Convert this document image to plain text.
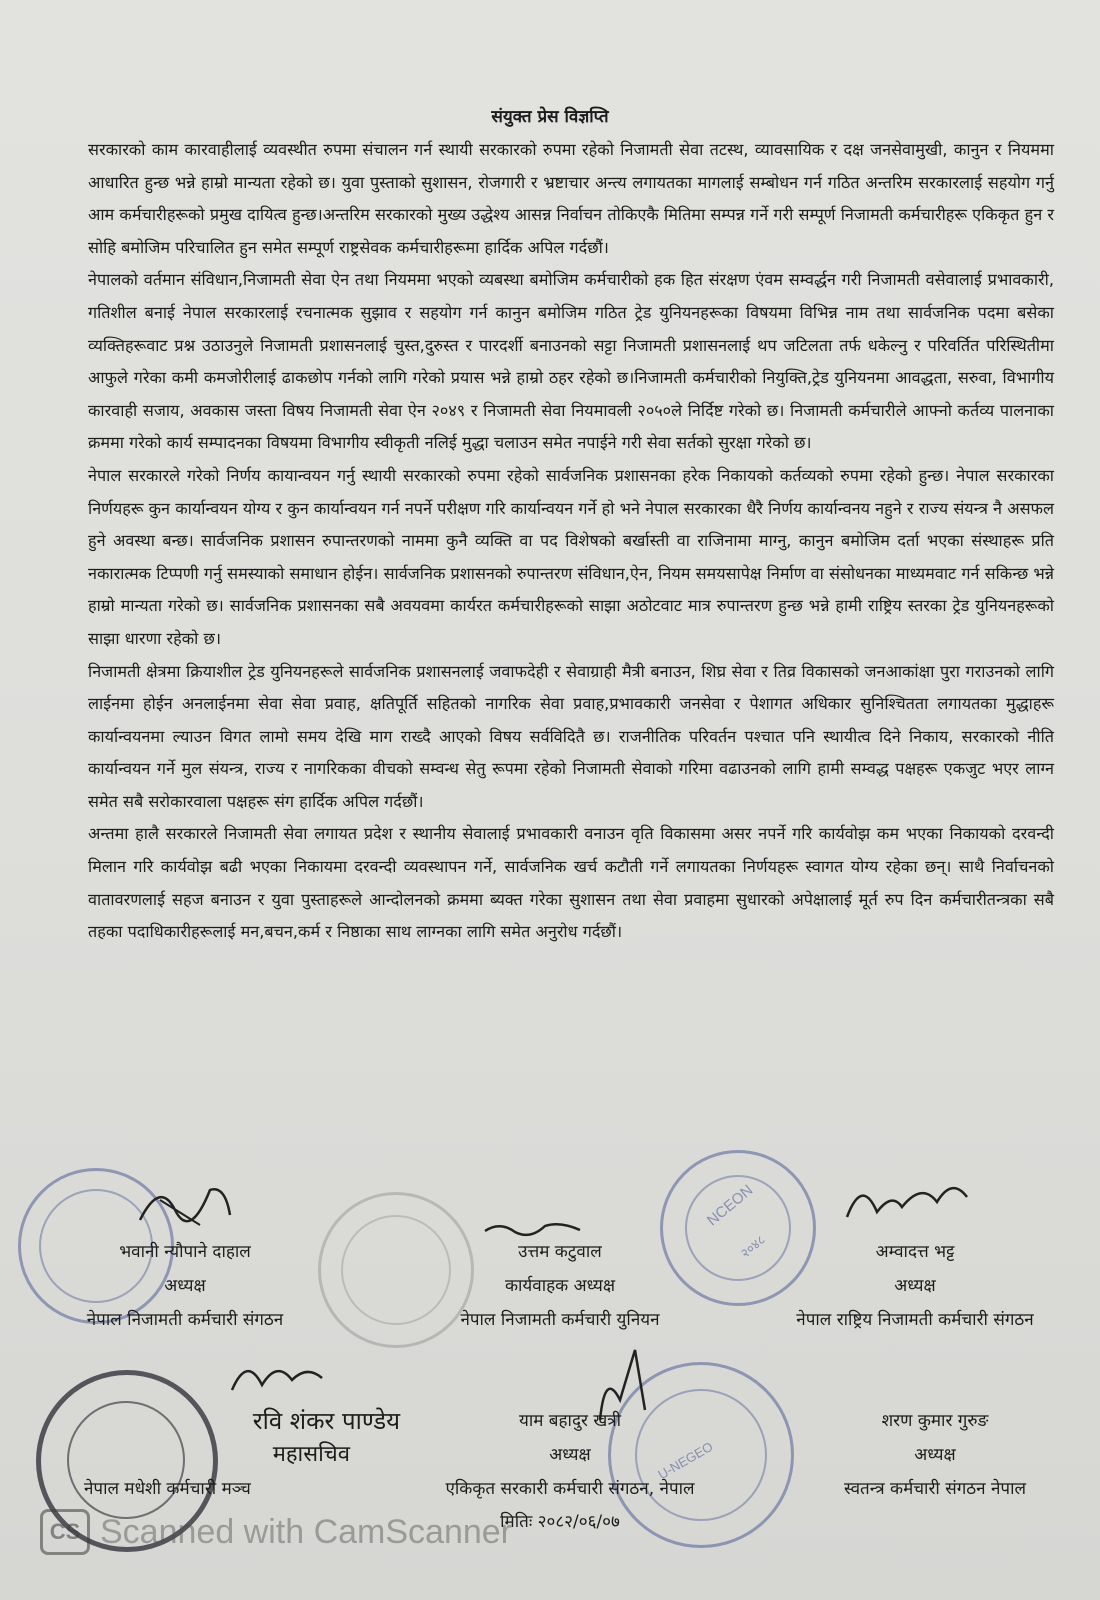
संयुक्त प्रेस विज्ञप्ति

सरकारको काम कारवाहीलाई व्यवस्थीत रुपमा संचालन गर्न स्थायी सरकारको रुपमा रहेको निजामती सेवा तटस्थ, व्यावसायिक र दक्ष जनसेवामुखी, कानुन र नियममा आधारित हुन्छ भन्ने हाम्रो मान्यता रहेको छ। युवा पुस्ताको सुशासन, रोजगारी र भ्रष्टाचार अन्त्य लगायतका मागलाई सम्बोधन गर्न गठित अन्तरिम सरकारलाई सहयोग गर्नु आम कर्मचारीहरूको प्रमुख दायित्व हुन्छ।अन्तरिम सरकारको मुख्य उद्धेश्य आसन्न निर्वाचन तोकिएकै मितिमा सम्पन्न गर्ने गरी सम्पूर्ण निजामती कर्मचारीहरू एकिकृत हुन र सोहि बमोजिम परिचालित हुन समेत सम्पूर्ण राष्ट्रसेवक कर्मचारीहरूमा हार्दिक अपिल गर्दछौं।

नेपालको वर्तमान संविधान,निजामती सेवा ऐन तथा नियममा भएको व्यबस्था बमोजिम कर्मचारीको हक हित संरक्षण एंवम सम्वर्द्धन गरी निजामती वसेवालाई प्रभावकारी, गतिशील बनाई नेपाल सरकारलाई रचनात्मक सुझाव र सहयोग गर्न कानुन बमोजिम गठित ट्रेड युनियनहरूका विषयमा विभिन्न नाम तथा सार्वजनिक पदमा बसेका व्यक्तिहरूवाट प्रश्न उठाउनुले निजामती प्रशासनलाई चुस्त,दुरुस्त र पारदर्शी बनाउनको सट्टा निजामती प्रशासनलाई थप जटिलता तर्फ धकेल्नु र परिवर्तित परिस्थितीमा आफुले गरेका कमी कमजोरीलाई ढाकछोप गर्नको लागि गरेको प्रयास भन्ने हाम्रो ठहर रहेको छ।निजामती कर्मचारीको नियुक्ति,ट्रेड युनियनमा आवद्धता, सरुवा, विभागीय कारवाही सजाय, अवकास जस्ता विषय निजामती सेवा ऐन २०४९ र निजामती सेवा नियमावली २०५०ले निर्दिष्ट गरेको छ। निजामती कर्मचारीले आफ्नो कर्तव्य पालनाका क्रममा गरेको कार्य सम्पादनका विषयमा विभागीय स्वीकृती नलिई मुद्धा चलाउन समेत नपाईने गरी सेवा सर्तको सुरक्षा गरेको छ।

नेपाल सरकारले गरेको निर्णय कायान्वयन गर्नु स्थायी सरकारको रुपमा रहेको सार्वजनिक प्रशासनका हरेक निकायको कर्तव्यको रुपमा रहेको हुन्छ। नेपाल सरकारका निर्णयहरू कुन कार्यान्वयन योग्य र कुन कार्यान्वयन गर्न नपर्ने परीक्षण गरि कार्यान्वयन गर्ने हो भने नेपाल सरकारका धैरै निर्णय कार्यान्वनय नहुने र राज्य संयन्त्र नै असफल हुने अवस्था बन्छ। सार्वजनिक प्रशासन रुपान्तरणको नाममा कुनै व्यक्ति वा पद विशेषको बर्खास्ती वा राजिनामा माग्नु, कानुन बमोजिम दर्ता भएका संस्थाहरू प्रति नकारात्मक टिप्पणी गर्नु समस्याको समाधान होईन। सार्वजनिक प्रशासनको रुपान्तरण संविधान,ऐन, नियम समयसापेक्ष निर्माण वा संसोधनका माध्यमवाट गर्न सकिन्छ भन्ने हाम्रो मान्यता गरेको छ। सार्वजनिक प्रशासनका सबै अवयवमा कार्यरत कर्मचारीहरूको साझा अठोटवाट मात्र रुपान्तरण हुन्छ भन्ने हामी राष्ट्रिय स्तरका ट्रेड युनियनहरूको साझा धारणा रहेको छ।

निजामती क्षेत्रमा क्रियाशील ट्रेड युनियनहरूले सार्वजनिक प्रशासनलाई जवाफदेही र सेवाग्राही मैत्री बनाउन, शिघ्र सेवा र तिव्र विकासको जनआकांक्षा पुरा गराउनको लागि लाईनमा होईन अनलाईनमा सेवा सेवा प्रवाह, क्षतिपूर्ति सहितको नागरिक सेवा प्रवाह,प्रभावकारी जनसेवा र पेशागत अधिकार सुनिश्चितता लगायतका मुद्धाहरू कार्यान्वयनमा ल्याउन विगत लामो समय देखि माग राख्दै आएको विषय सर्वविदितै छ। राजनीतिक परिवर्तन पश्चात पनि स्थायीत्व दिने निकाय, सरकारको नीति कार्यान्वयन गर्ने मुल संयन्त्र, राज्य र नागरिकका वीचको सम्वन्ध सेतु रूपमा रहेको निजामती सेवाको गरिमा वढाउनको लागि हामी सम्वद्ध पक्षहरू एकजुट भएर लाग्न समेत सबै सरोकारवाला पक्षहरू संग हार्दिक अपिल गर्दछौं।

अन्तमा हालै सरकारले निजामती सेवा लगायत प्रदेश र स्थानीय सेवालाई प्रभावकारी वनाउन वृति विकासमा असर नपर्ने गरि कार्यवोझ कम भएका निकायको दरवन्दी मिलान गरि कार्यवोझ बढी भएका निकायमा दरवन्दी व्यवस्थापन गर्ने, सार्वजनिक खर्च कटौती गर्ने लगायतका निर्णयहरू स्वागत योग्य रहेका छन्। साथै निर्वाचनको वातावरणलाई सहज बनाउन र युवा पुस्ताहरूले आन्दोलनको क्रममा ब्यक्त गरेका सुशासन तथा सेवा प्रवाहमा सुधारको अपेक्षालाई मूर्त रुप दिन कर्मचारीतन्त्रका सबै तहका पदाधिकारीहरूलाई मन,बचन,कर्म र निष्ठाका साथ लाग्नका लागि समेत अनुरोध गर्दछौं।

NCEON
२०४८
U-NEGEO
भवानी न्यौपाने दाहाल
अध्यक्ष
नेपाल निजामती कर्मचारी संगठन
उत्तम कटुवाल
कार्यवाहक अध्यक्ष
नेपाल निजामती कर्मचारी युनियन
अम्वादत्त भट्ट
अध्यक्ष
नेपाल राष्ट्रिय निजामती कर्मचारी संगठन
रवि शंकर पाण्डेय
महासचिव
नेपाल मधेशी कर्मचारी मञ्च
याम बहादुर खत्री
अध्यक्ष
एकिकृत सरकारी कर्मचारी संगठन, नेपाल
शरण कुमार गुरुङ
अध्यक्ष
स्वतन्त्र कर्मचारी संगठन नेपाल
मितिः २०८२/०६/०७
CS Scanned with CamScanner
